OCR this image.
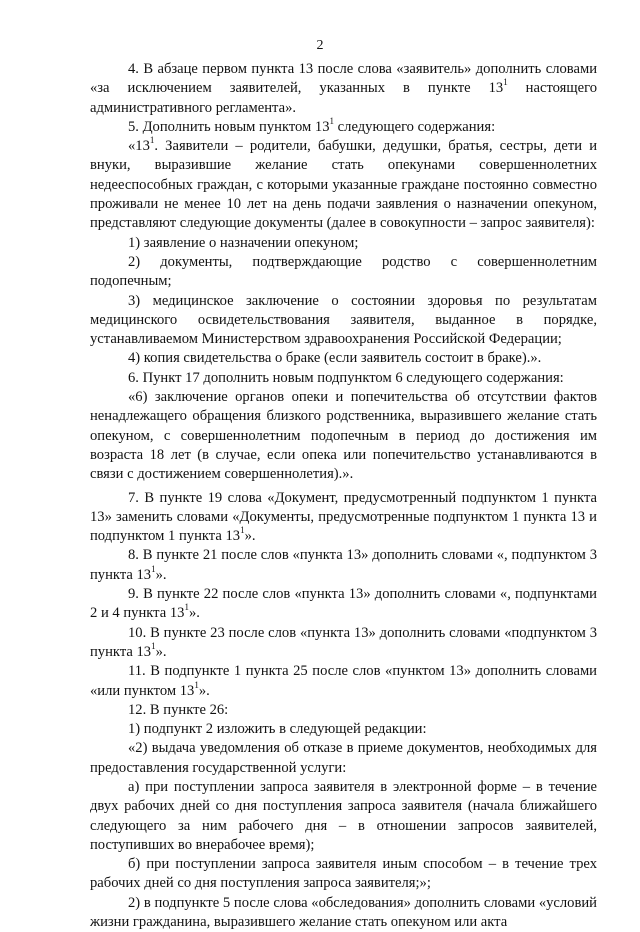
2

4. В абзаце первом пункта 13 после слова «заявитель» дополнить словами «за исключением заявителей, указанных в пункте $13^1$ настоящего административного регламента».

5. Дополнить новым пунктом $13^1$ следующего содержания:

«$13^1$. Заявители – родители, бабушки, дедушки, братья, сестры, дети и внуки, выразившие желание стать опекунами совершеннолетних недееспособных граждан, с которыми указанные граждане постоянно совместно проживали не менее 10 лет на день подачи заявления о назначении опекуном, представляют следующие документы (далее в совокупности – запрос заявителя):

1) заявление о назначении опекуном;

2) документы, подтверждающие родство с совершеннолетним подопечным;

3) медицинское заключение о состоянии здоровья по результатам медицинского освидетельствования заявителя, выданное в порядке, устанавливаемом Министерством здравоохранения Российской Федерации;

4) копия свидетельства о браке (если заявитель состоит в браке).».

6. Пункт 17 дополнить новым подпунктом 6 следующего содержания:

«6) заключение органов опеки и попечительства об отсутствии фактов ненадлежащего обращения близкого родственника, выразившего желание стать опекуном, с совершеннолетним подопечным в период до достижения им возраста 18 лет (в случае, если опека или попечительство устанавливаются в связи с достижением совершеннолетия).».

7. В пункте 19 слова «Документ, предусмотренный подпунктом 1 пункта 13» заменить словами «Документы, предусмотренные подпунктом 1 пункта 13 и подпунктом 1 пункта $13^1$».

8. В пункте 21 после слов «пункта 13» дополнить словами «, подпунктом 3 пункта $13^1$».

9. В пункте 22 после слов «пункта 13» дополнить словами «, подпунктами 2 и 4 пункта $13^1$».

10. В пункте 23 после слов «пункта 13» дополнить словами «подпунктом 3 пункта $13^1$».

11. В подпункте 1 пункта 25 после слов «пунктом 13» дополнить словами «или пунктом $13^1$».

12. В пункте 26:

1) подпункт 2 изложить в следующей редакции:

«2) выдача уведомления об отказе в приеме документов, необходимых для предоставления государственной услуги:

а) при поступлении запроса заявителя в электронной форме – в течение двух рабочих дней со дня поступления запроса заявителя (начала ближайшего следующего за ним рабочего дня – в отношении запросов заявителей, поступивших во внерабочее время);

б) при поступлении запроса заявителя иным способом – в течение трех рабочих дней со дня поступления запроса заявителя;»;

2) в подпункте 5 после слова «обследования» дополнить словами «условий жизни гражданина, выразившего желание стать опекуном или акта
